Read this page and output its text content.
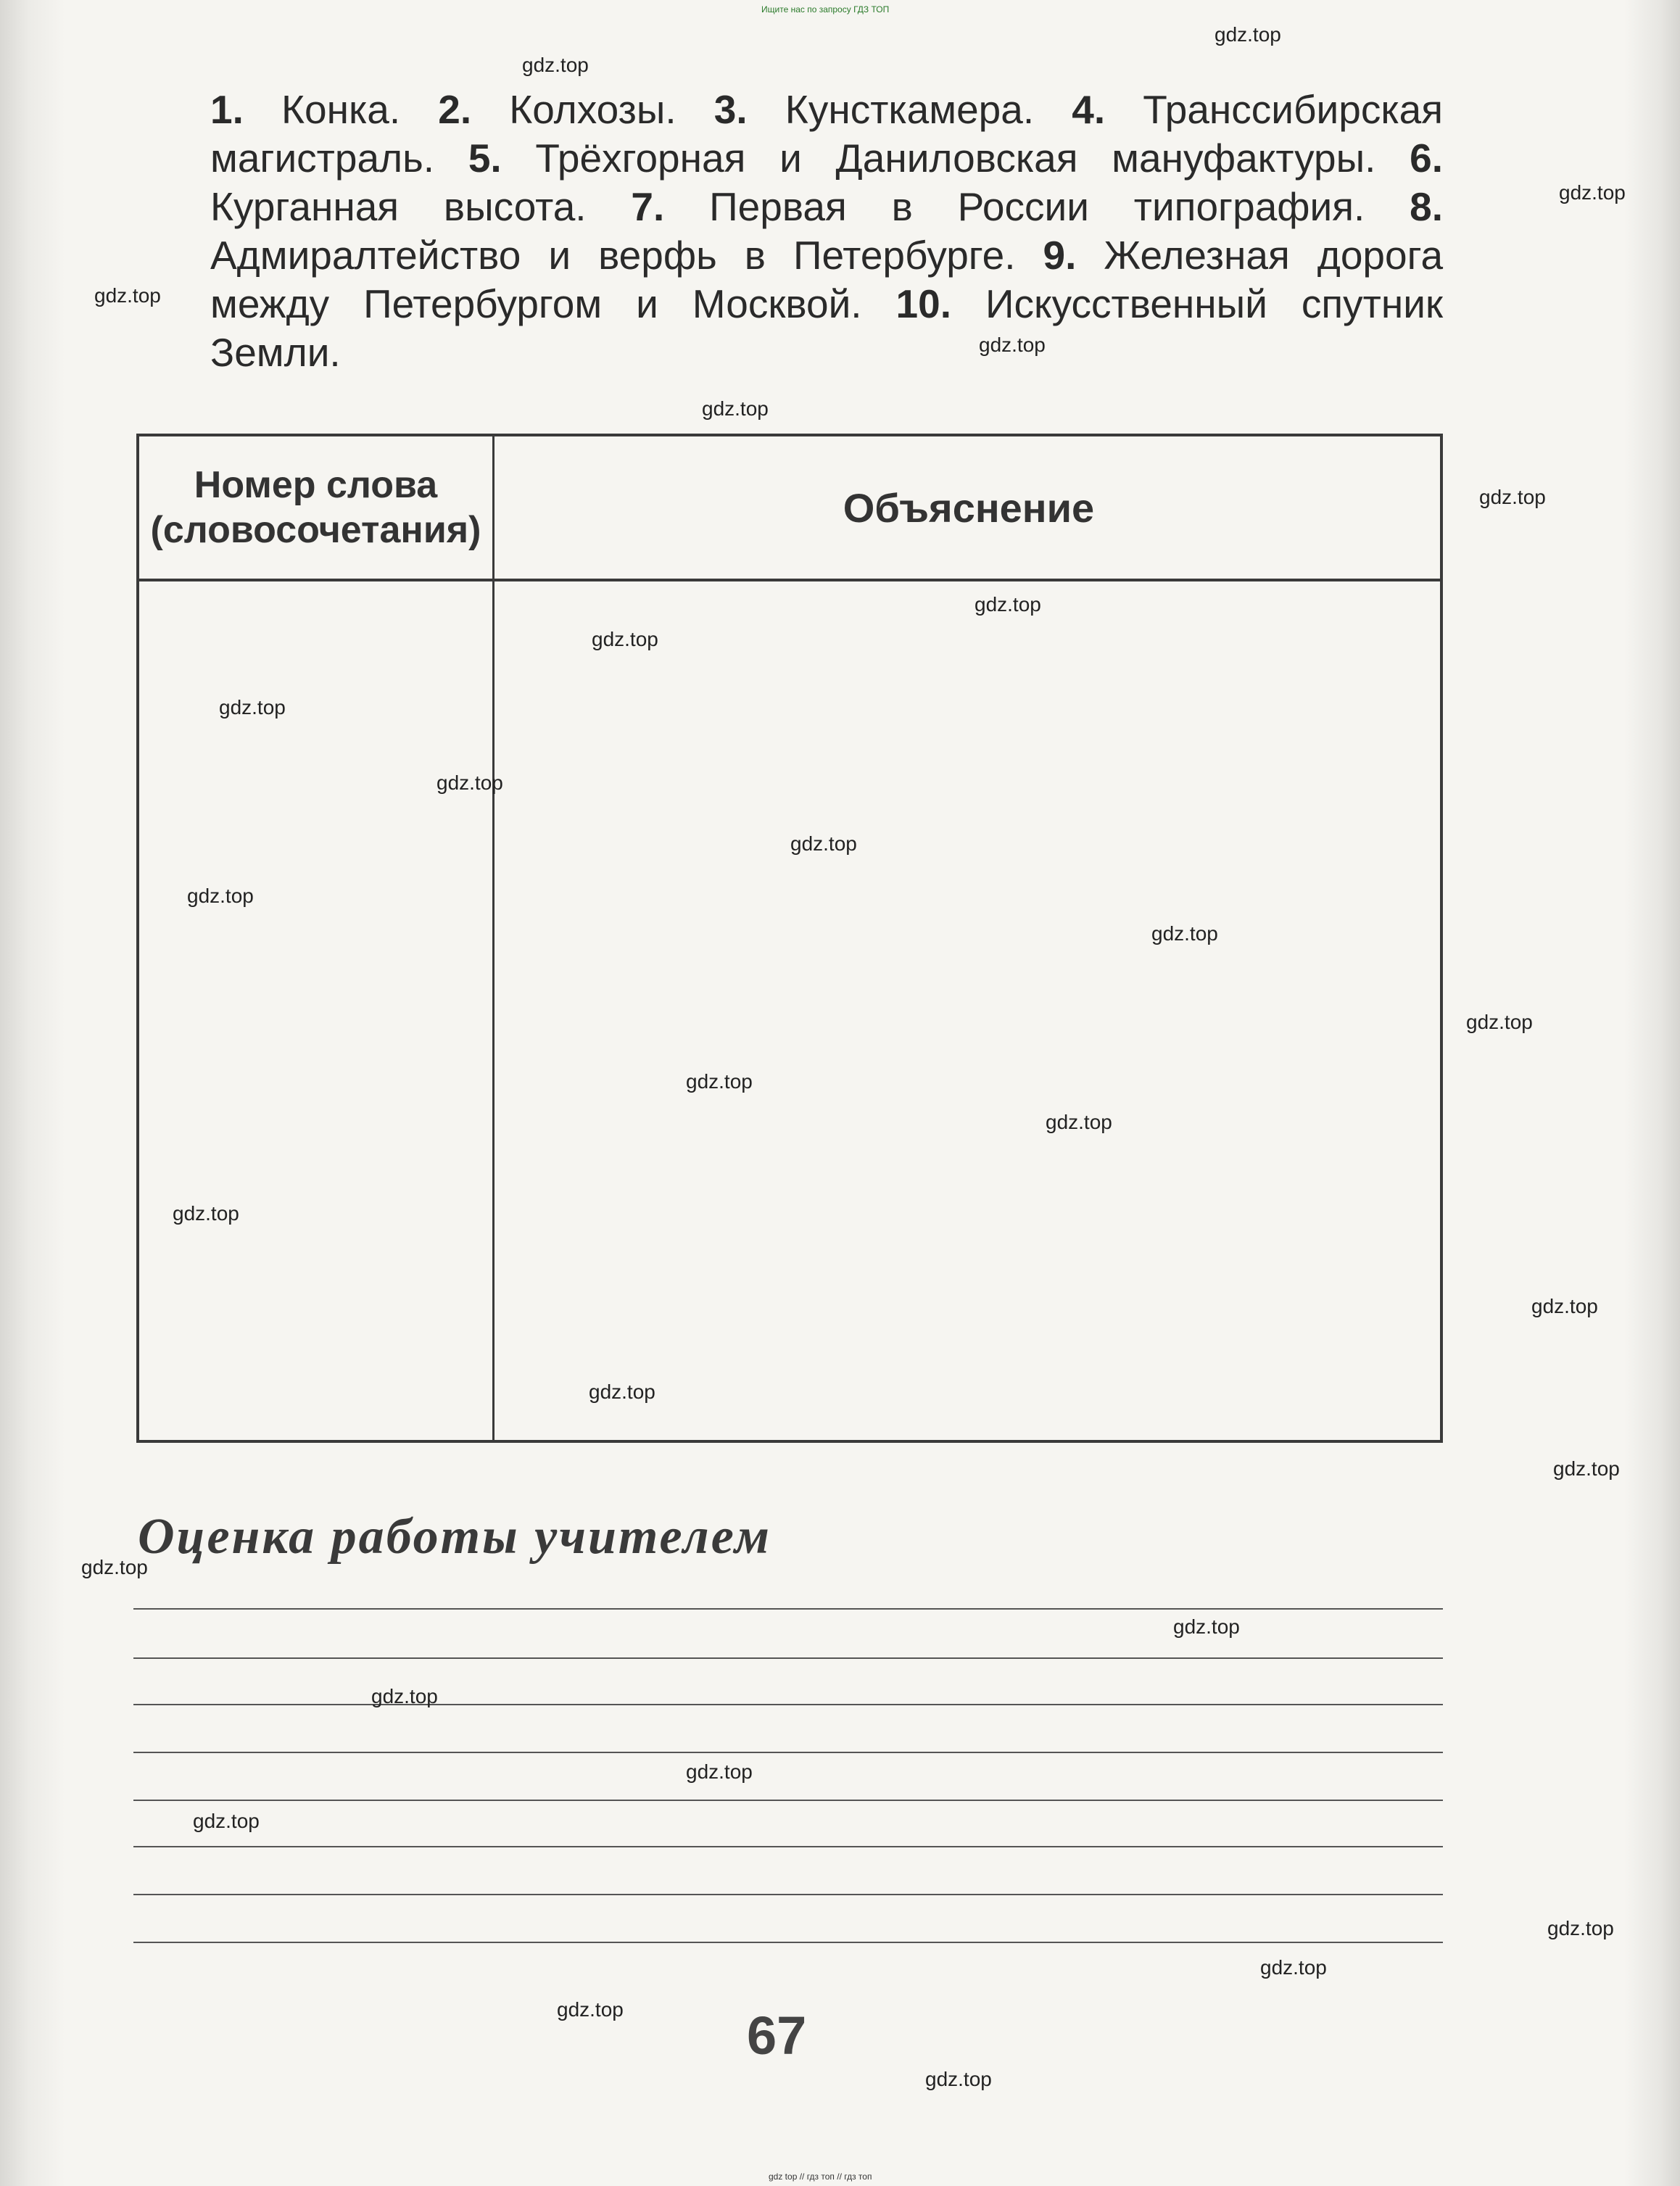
Ищите нас по запросу ГДЗ ТОП
1. Конка. 2. Колхозы. 3. Кунсткамера. 4. Транссибирская магистраль. 5. Трёхгорная и Даниловская мануфактуры. 6. Курганная высота. 7. Первая в России типография. 8. Адмиралтейство и верфь в Петербурге. 9. Железная дорога между Петербургом и Москвой. 10. Искусственный спутник Земли.
Номер слова (словосочетания)	Объяснение
Оценка работы учителем
67
gdz top // гдз топ // гдз топ
gdz.top
gdz.top
gdz.top
gdz.top
gdz.top
gdz.top
gdz.top
gdz.top
gdz.top
gdz.top
gdz.top
gdz.top
gdz.top
gdz.top
gdz.top
gdz.top
gdz.top
gdz.top
gdz.top
gdz.top
gdz.top
gdz.top
gdz.top
gdz.top
gdz.top
gdz.top
gdz.top
gdz.top
gdz.top
gdz.top
